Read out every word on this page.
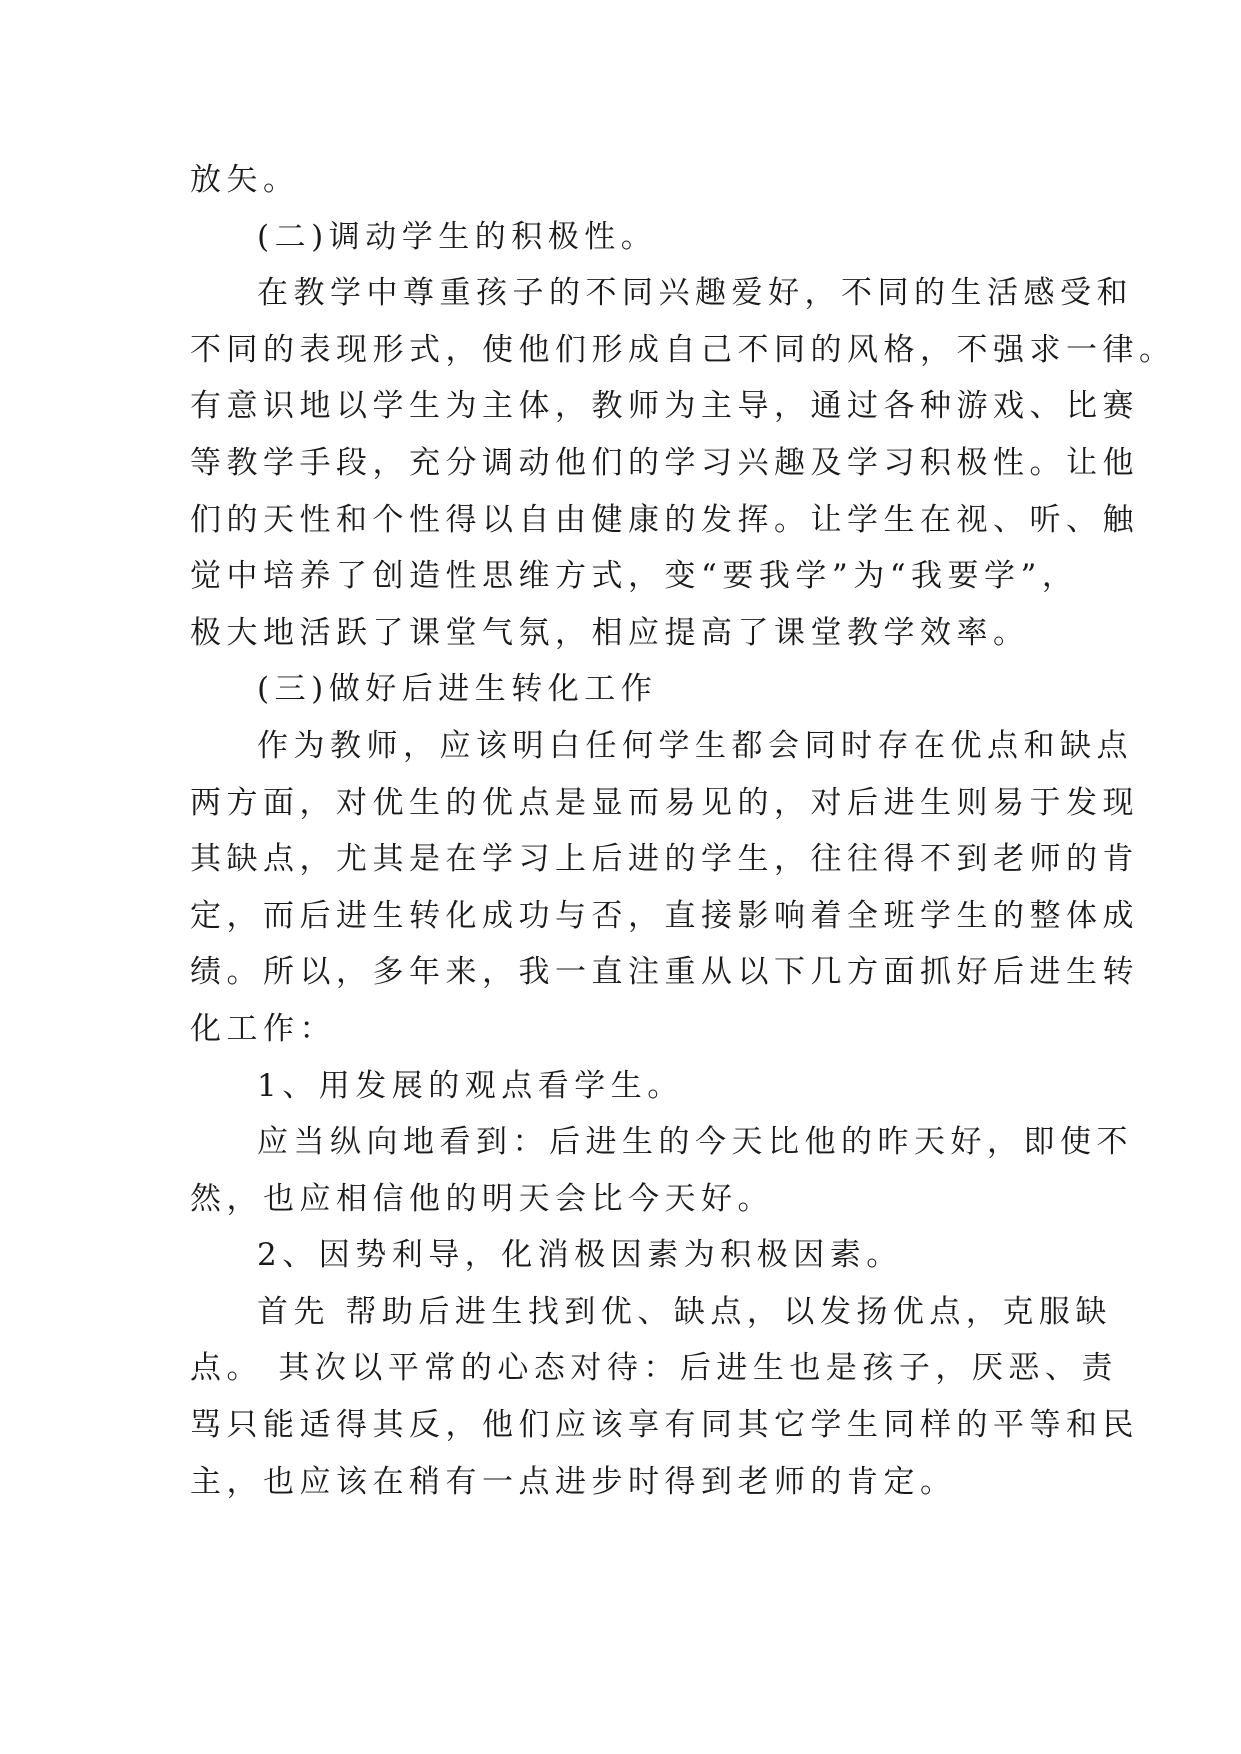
放矢。
(二)调动学生的积极性。
在教学中尊重孩子的不同兴趣爱好，不同的生活感受和
不同的表现形式，使他们形成自己不同的风格，不强求一律。
有意识地以学生为主体，教师为主导，通过各种游戏、比赛
等教学手段，充分调动他们的学习兴趣及学习积极性。让他
们的天性和个性得以自由健康的发挥。让学生在视、听、触
觉中培养了创造性思维方式，变“要我学”为“我要学”，
极大地活跃了课堂气氛，相应提高了课堂教学效率。
(三)做好后进生转化工作
作为教师，应该明白任何学生都会同时存在优点和缺点
两方面，对优生的优点是显而易见的，对后进生则易于发现
其缺点，尤其是在学习上后进的学生，往往得不到老师的肯
定，而后进生转化成功与否，直接影响着全班学生的整体成
绩。所以，多年来，我一直注重从以下几方面抓好后进生转
化工作：
1、用发展的观点看学生。
应当纵向地看到：后进生的今天比他的昨天好，即使不
然，也应相信他的明天会比今天好。
2、因势利导，化消极因素为积极因素。
首先 帮助后进生找到优、缺点，以发扬优点，克服缺
点。 其次以平常的心态对待：后进生也是孩子，厌恶、责
骂只能适得其反，他们应该享有同其它学生同样的平等和民
主，也应该在稍有一点进步时得到老师的肯定。
